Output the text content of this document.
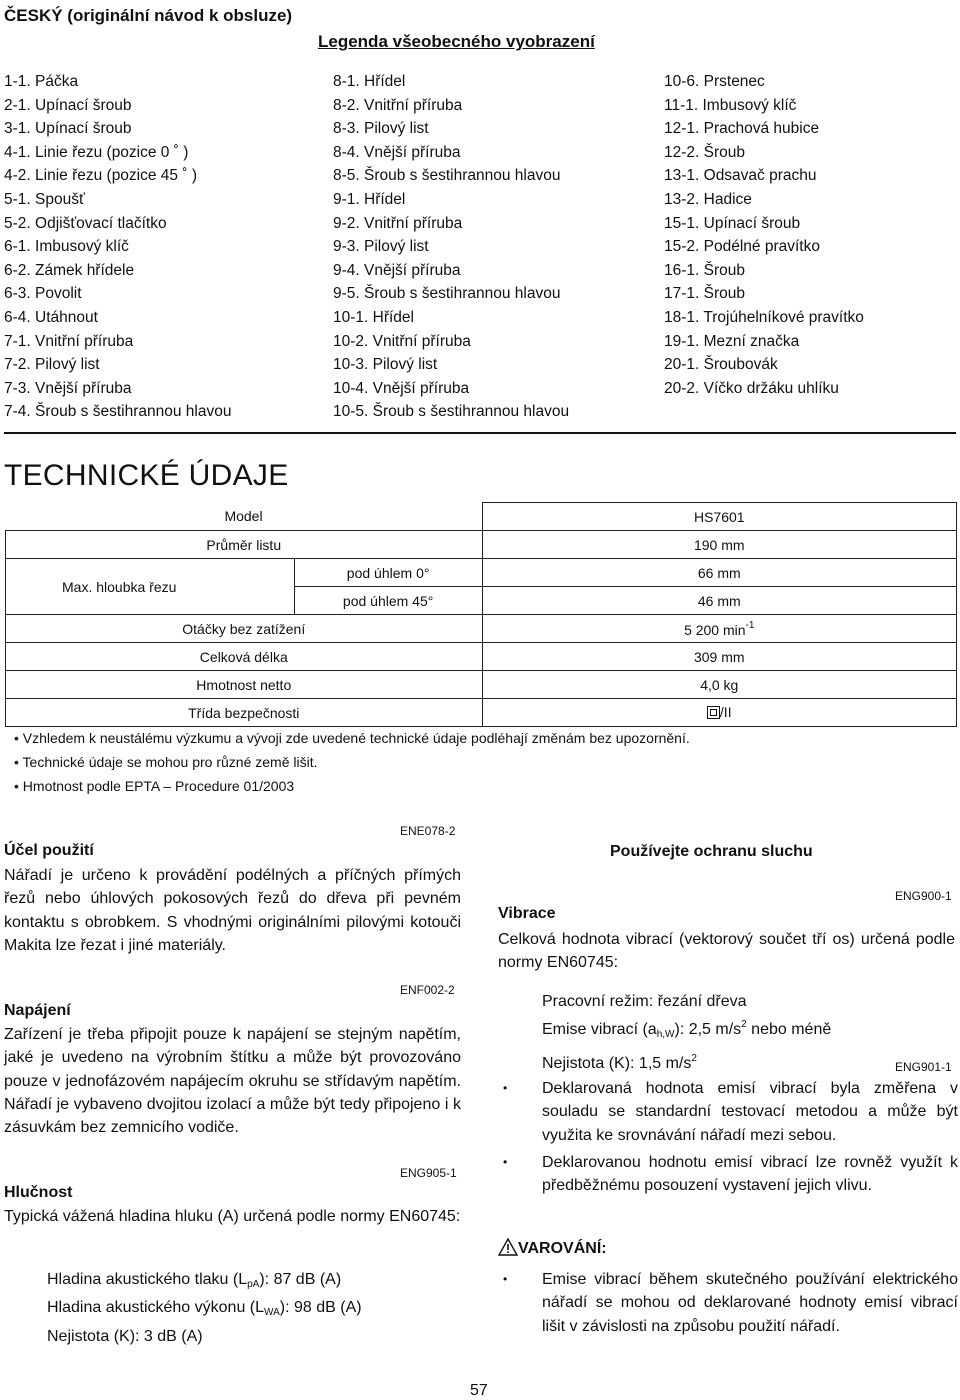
ČESKÝ (originální návod k obsluze)
Legenda všeobecného vyobrazení
1-1. Páčka
2-1. Upínací šroub
3-1. Upínací šroub
4-1. Linie řezu (pozice 0 ˚ )
4-2. Linie řezu (pozice 45 ˚ )
5-1. Spoušť
5-2. Odjišťovací tlačítko
6-1. Imbusový klíč
6-2. Zámek hřídele
6-3. Povolit
6-4. Utáhnout
7-1. Vnitřní příruba
7-2. Pilový list
7-3. Vnější příruba
7-4. Šroub s šestihrannou hlavou
8-1. Hřídel
8-2. Vnitřní příruba
8-3. Pilový list
8-4. Vnější příruba
8-5. Šroub s šestihrannou hlavou
9-1. Hřídel
9-2. Vnitřní příruba
9-3. Pilový list
9-4. Vnější příruba
9-5. Šroub s šestihrannou hlavou
10-1. Hřídel
10-2. Vnitřní příruba
10-3. Pilový list
10-4. Vnější příruba
10-5. Šroub s šestihrannou hlavou
10-6. Prstenec
11-1. Imbusový klíč
12-1. Prachová hubice
12-2. Šroub
13-1. Odsavač prachu
13-2. Hadice
15-1. Upínací šroub
15-2. Podélné pravítko
16-1. Šroub
17-1. Šroub
18-1. Trojúhelníkové pravítko
19-1. Mezní značka
20-1. Šroubovák
20-2. Víčko držáku uhlíku
TECHNICKÉ ÚDAJE
Model		HS7601
Průměr listu		190 mm
Max. hloubka řezu	pod úhlem 0°	66 mm
	pod úhlem 45°	46 mm
Otáčky bez zatížení		5 200 $\min^{-1}$
Celková délka		309 mm
Hmotnost netto		4,0 kg
Třída bezpečnosti		/II
• Vzhledem k neustálému výzkumu a vývoji zde uvedené technické údaje podléhají změnám bez upozornění.
• Technické údaje se mohou pro různé země lišit.
• Hmotnost podle EPTA – Procedure 01/2003
ENE078-2
Účel použití
Nářadí je určeno k provádění podélných a příčných přímých řezů nebo úhlových pokosových řezů do dřeva při pevném kontaktu s obrobkem. S vhodnými originálními pilovými kotouči Makita lze řezat i jiné materiály.
ENF002-2
Napájení
Zařízení je třeba připojit pouze k napájení se stejným napětím, jaké je uvedeno na výrobním štítku a může být provozováno pouze v jednofázovém napájecím okruhu se střídavým napětím. Nářadí je vybaveno dvojitou izolací a může být tedy připojeno i k zásuvkám bez zemnicího vodiče.
ENG905-1
Hlučnost
Typická vážená hladina hluku (A) určená podle normy EN60745:
Hladina akustického tlaku $(L_{pA})$: 87 dB (A)
Hladina akustického výkonu $(L_{WA})$: 98 dB (A)
Nejistota (K): 3 dB (A)
Používejte ochranu sluchu
ENG900-1
Vibrace
Celková hodnota vibrací (vektorový součet tří os) určená podle normy EN60745:
Pracovní režim: řezání dřeva
Emise vibrací $(a_{h,W})$: 2,5 $m/s^2$ nebo méně
Nejistota (K): 1,5 $m/s^2$
ENG901-1
• Deklarovaná hodnota emisí vibrací byla změřena v souladu se standardní testovací metodou a může být využita ke srovnávání nářadí mezi sebou.
• Deklarovanou hodnotu emisí vibrací lze rovněž využít k předběžnému posouzení vystavení jejich vlivu.
VAROVÁNÍ:
• Emise vibrací během skutečného používání elektrického nářadí se mohou od deklarované hodnoty emisí vibrací lišit v závislosti na způsobu použití nářadí.
57
